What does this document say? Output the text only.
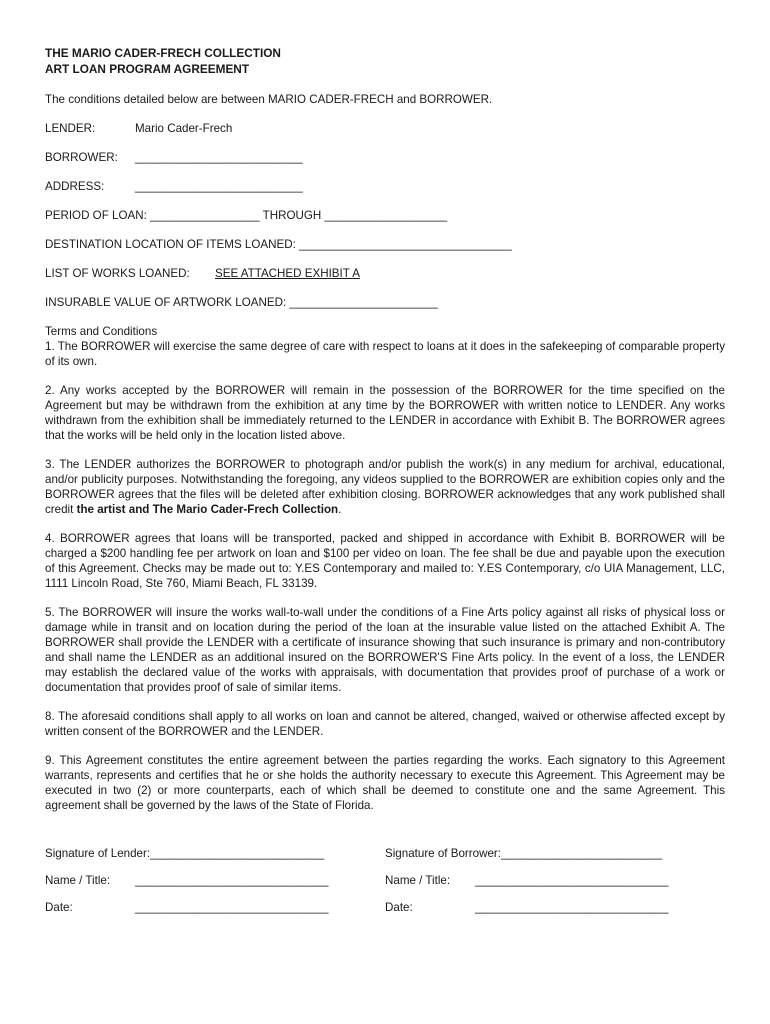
THE MARIO CADER-FRECH COLLECTION

ART LOAN PROGRAM AGREEMENT

The conditions detailed below are between MARIO CADER-FRECH and BORROWER.
LENDER:	Mario Cader-Frech
BORROWER:	__________________________
ADDRESS:	__________________________
PERIOD OF LOAN: _________________ THROUGH ___________________
DESTINATION LOCATION OF ITEMS LOANED: _________________________________
LIST OF WORKS LOANED: SEE ATTACHED EXHIBIT A
INSURABLE VALUE OF ARTWORK LOANED: _______________________
Terms and Conditions

1. The BORROWER will exercise the same degree of care with respect to loans at it does in the safekeeping of comparable property of its own.

2. Any works accepted by the BORROWER will remain in the possession of the BORROWER for the time specified on the Agreement but may be withdrawn from the exhibition at any time by the BORROWER with written notice to LENDER. Any works withdrawn from the exhibition shall be immediately returned to the LENDER in accordance with Exhibit B. The BORROWER agrees that the works will be held only in the location listed above.

3. The LENDER authorizes the BORROWER to photograph and/or publish the work(s) in any medium for archival, educational, and/or publicity purposes. Notwithstanding the foregoing, any videos supplied to the BORROWER are exhibition copies only and the BORROWER agrees that the files will be deleted after exhibition closing. BORROWER acknowledges that any work published shall credit the artist and The Mario Cader-Frech Collection.

4. BORROWER agrees that loans will be transported, packed and shipped in accordance with Exhibit B. BORROWER will be charged a $200 handling fee per artwork on loan and $100 per video on loan. The fee shall be due and payable upon the execution of this Agreement. Checks may be made out to: Y.ES Contemporary and mailed to: Y.ES Contemporary, c/o UIA Management, LLC, 1111 Lincoln Road, Ste 760, Miami Beach, FL 33139.

5. The BORROWER will insure the works wall-to-wall under the conditions of a Fine Arts policy against all risks of physical loss or damage while in transit and on location during the period of the loan at the insurable value listed on the attached Exhibit A. The BORROWER shall provide the LENDER with a certificate of insurance showing that such insurance is primary and non-contributory and shall name the LENDER as an additional insured on the BORROWER'S Fine Arts policy. In the event of a loss, the LENDER may establish the declared value of the works with appraisals, with documentation that provides proof of purchase of a work or documentation that provides proof of sale of similar items.

8. The aforesaid conditions shall apply to all works on loan and cannot be altered, changed, waived or otherwise affected except by written consent of the BORROWER and the LENDER.

9. This Agreement constitutes the entire agreement between the parties regarding the works. Each signatory to this Agreement warrants, represents and certifies that he or she holds the authority necessary to execute this Agreement. This Agreement may be executed in two (2) or more counterparts, each of which shall be deemed to constitute one and the same Agreement. This agreement shall be governed by the laws of the State of Florida.

Signature of Lender: ___________________________	Signature of Borrower: _________________________
Name / Title:	______________________________	Name / Title:	______________________________
Date:	______________________________	Date:	______________________________
